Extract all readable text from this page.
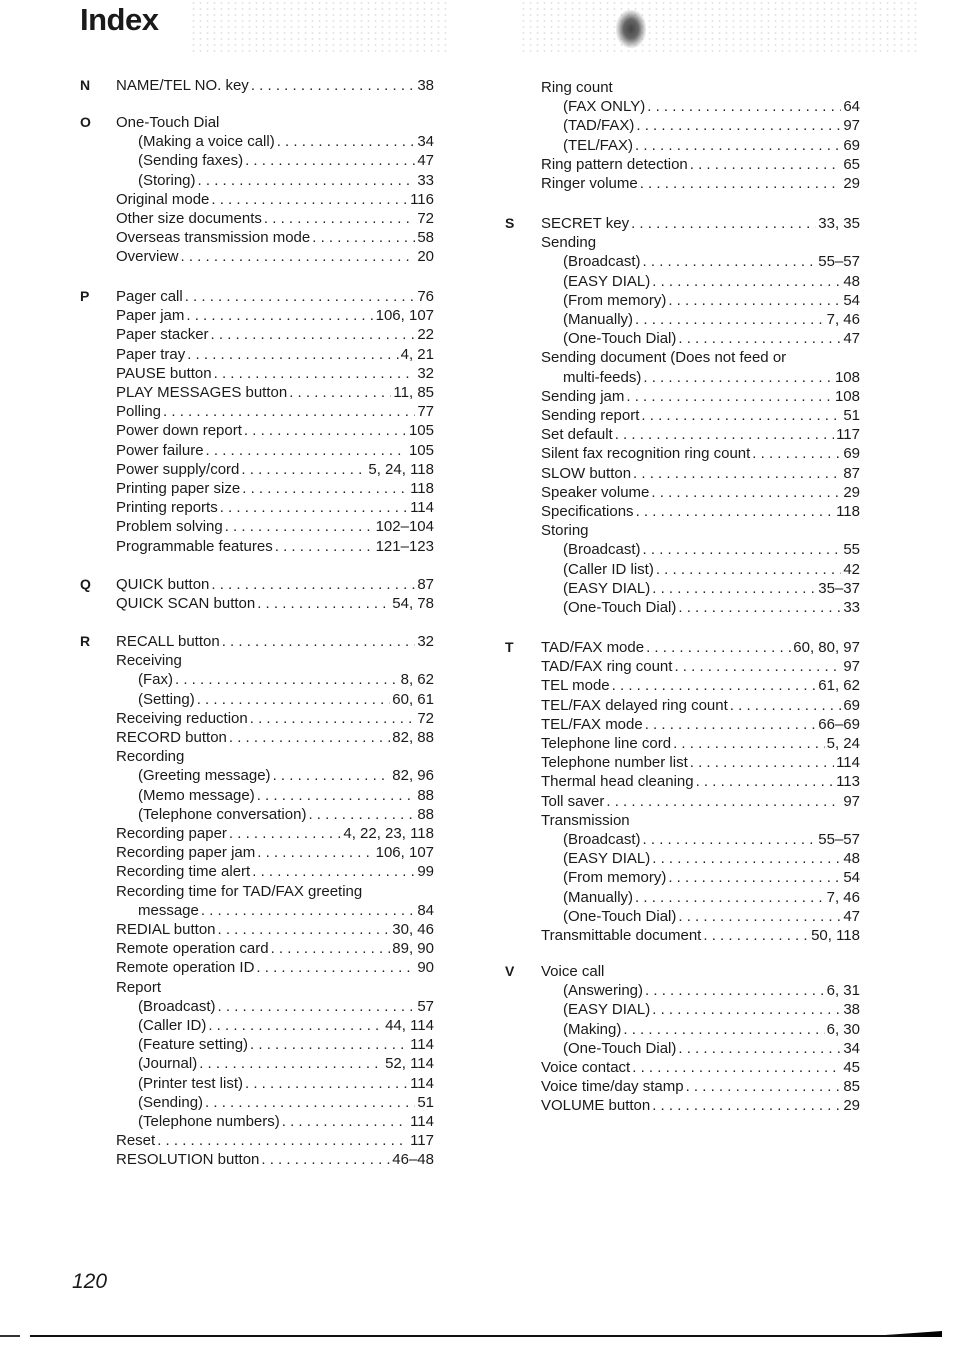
Index
120
N NAME/TEL NO. key . . .	38
O One-Touch Dial
(Making a voice call) . . .	34
(Sending faxes) . . .	47
(Storing) . . .	33
Original mode . . .	116
Other size documents . . .	72
Overseas transmission mode . . .	58
Overview . . .	20
P Pager call . . .	76
Paper jam . . .	106, 107
Paper stacker . . .	22
Paper tray . . .	4, 21
PAUSE button . . .	32
PLAY MESSAGES button . . .	11, 85
Polling . . .	77
Power down report . . .	105
Power failure . . .	105
Power supply/cord . . .	5, 24, 118
Printing paper size . . .	118
Printing reports . . .	114
Problem solving . . .	102–104
Programmable features . . .	121–123
Q QUICK button . . .	87
QUICK SCAN button . . .	54, 78
R RECALL button . . .	32
Receiving
(Fax) . . .	8, 62
(Setting) . . .	60, 61
Receiving reduction . . .	72
RECORD button . . .	82, 88
Recording
(Greeting message) . . .	82, 96
(Memo message) . . .	88
(Telephone conversation) . . .	88
Recording paper . . .	4, 22, 23, 118
Recording paper jam . . .	106, 107
Recording time alert . . .	99
Recording time for TAD/FAX greeting
message . . .	84
REDIAL button . . .	30, 46
Remote operation card . . .	89, 90
Remote operation ID . . .	90
Report
(Broadcast) . . .	57
(Caller ID) . . .	44, 114
(Feature setting) . . .	114
(Journal) . . .	52, 114
(Printer test list) . . .	114
(Sending) . . .	51
(Telephone numbers) . . .	114
Reset . . .	117
RESOLUTION button . . .	46–48
Ring count
(FAX ONLY) . . .	64
(TAD/FAX) . . .	97
(TEL/FAX) . . .	69
Ring pattern detection . . .	65
Ringer volume . . .	29
S SECRET key . . .	33, 35
Sending
(Broadcast) . . .	55–57
(EASY DIAL) . . .	48
(From memory) . . .	54
(Manually) . . .	7, 46
(One-Touch Dial) . . .	47
Sending document (Does not feed or
multi-feeds) . . .	108
Sending jam . . .	108
Sending report . . .	51
Set default . . .	117
Silent fax recognition ring count . . .	69
SLOW button . . .	87
Speaker volume . . .	29
Specifications . . .	118
Storing
(Broadcast) . . .	55
(Caller ID list) . . .	42
(EASY DIAL) . . .	35–37
(One-Touch Dial) . . .	33
T TAD/FAX mode . . .	60, 80, 97
TAD/FAX ring count . . .	97
TEL mode . . .	61, 62
TEL/FAX delayed ring count . . .	69
TEL/FAX mode . . .	66–69
Telephone line cord . . .	5, 24
Telephone number list . . .	114
Thermal head cleaning . . .	113
Toll saver . . .	97
Transmission
(Broadcast) . . .	55–57
(EASY DIAL) . . .	48
(From memory) . . .	54
(Manually) . . .	7, 46
(One-Touch Dial) . . .	47
Transmittable document . . .	50, 118
V Voice call
(Answering) . . .	6, 31
(EASY DIAL) . . .	38
(Making) . . .	6, 30
(One-Touch Dial) . . .	34
Voice contact . . .	45
Voice time/day stamp . . .	85
VOLUME button . . .	29
